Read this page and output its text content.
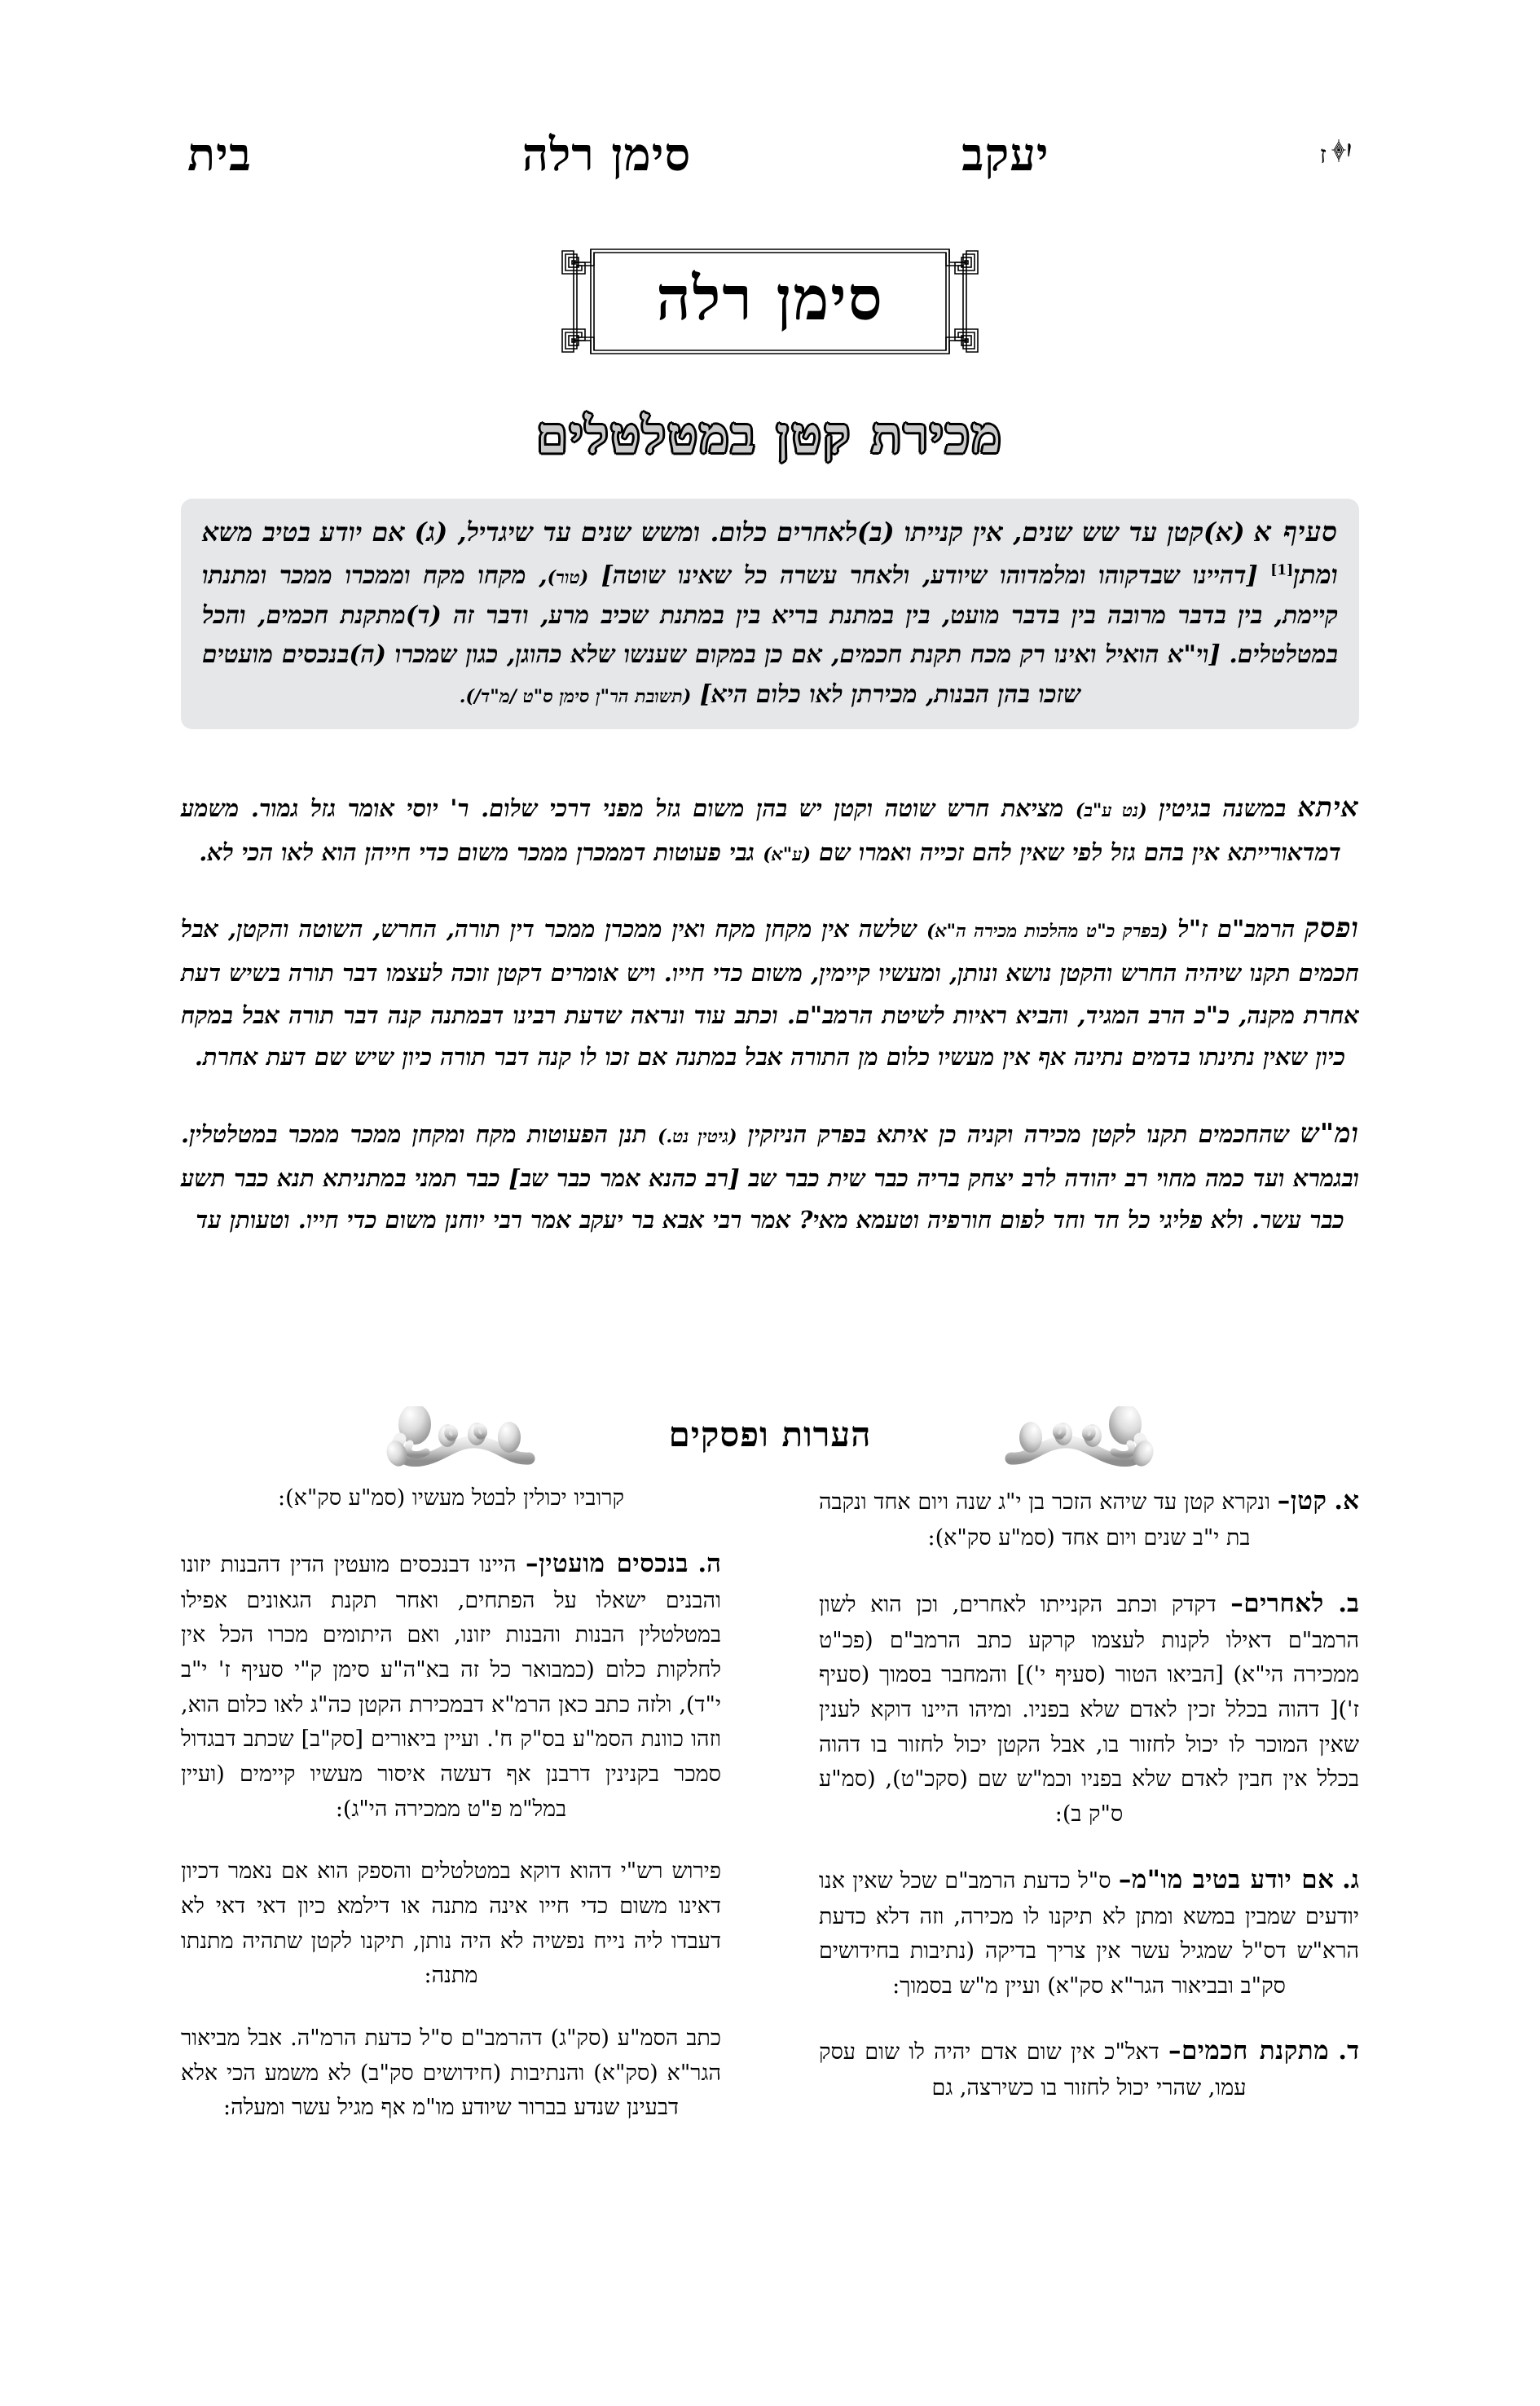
ז
יעקב
סימן רלה
בית
סימן רלה
מכירת קטן במטלטלים
סעיף א (א)קטן עד שש שנים, אין קנייתו (ב)לאחרים כלום. ומשש שנים עד שיגדיל, (ג) אם יודע בטיב משא ומתן[1] [דהיינו שבדקוהו ומלמדוהו שיודע, ולאחר עשרה כל שאינו שוטה] (טור), מקחו מקח וממכרו ממכר ומתנתו קיימת, בין בדבר מרובה בין בדבר מועט, בין במתנת בריא בין במתנת שכיב מרע, ודבר זה (ד)מתקנת חכמים, והכל במטלטלים. [וי"א הואיל ואינו רק מכח תקנת חכמים, אם כן במקום שענשו שלא כהוגן, כגון שמכרו (ה)בנכסים מועטים שזכו בהן הבנות, מכירתן לאו כלום היא] (תשובת הר"ן סימן ס"ט /מ"ד/).

איתא במשנה בגיטין (נט ע"ב) מציאת חרש שוטה וקטן יש בהן משום גזל מפני דרכי שלום. ר' יוסי אומר גזל גמור. משמע דמדאורייתא אין בהם גזל לפי שאין להם זכייה ואמרו שם (ע"א) גבי פעוטות דממכרן ממכר משום כדי חייהן הוא לאו הכי לא.

ופסק הרמב"ם ז"ל (בפרק כ"ט מהלכות מכירה ה"א) שלשה אין מקחן מקח ואין ממכרן ממכר דין תורה, החרש, השוטה והקטן, אבל חכמים תקנו שיהיה החרש והקטן נושא ונותן, ומעשיו קיימין, משום כדי חייו. ויש אומרים דקטן זוכה לעצמו דבר תורה בשיש דעת אחרת מקנה, כ"כ הרב המגיד, והביא ראיות לשיטת הרמב"ם. וכתב עוד ונראה שדעת רבינו דבמתנה קנה דבר תורה אבל במקח כיון שאין נתינתו בדמים נתינה אף אין מעשיו כלום מן התורה אבל במתנה אם זכו לו קנה דבר תורה כיון שיש שם דעת אחרת.

ומ"ש שהחכמים תקנו לקטן מכירה וקניה כן איתא בפרק הניזקין (גיטין נט.) תנן הפעוטות מקח ומקחן ממכר ממכר במטלטלין. ובגמרא ועד כמה מחוי רב יהודה לרב יצחק בריה כבר שית כבר שב [רב כהנא אמר כבר שב] כבר תמני במתניתא תנא כבר תשע כבר עשר. ולא פליגי כל חד וחד לפום חורפיה וטעמא מאי? אמר רבי אבא בר יעקב אמר רבי יוחנן משום כדי חייו. וטעותן עד

הערות ופסקים

א. קטן– ונקרא קטן עד שיהא הזכר בן י"ג שנה ויום אחד ונקבה בת י"ב שנים ויום אחד (סמ"ע סק"א):

ב. לאחרים– דקדק וכתב הקנייתו לאחרים, וכן הוא לשון הרמב"ם דאילו לקנות לעצמו קרקע כתב הרמב"ם (פכ"ט ממכירה הי"א) [הביאו הטור (סעיף י')] והמחבר בסמוך (סעיף ז')[ דהוה בכלל זכין לאדם שלא בפניו. ומיהו היינו דוקא לענין שאין המוכר לו יכול לחזור בו, אבל הקטן יכול לחזור בו דהוה בכלל אין חבין לאדם שלא בפניו וכמ"ש שם (סקכ"ט), (סמ"ע ס"ק ב):

ג. אם יודע בטיב מו"מ– ס"ל כדעת הרמב"ם שכל שאין אנו יודעים שמבין במשא ומתן לא תיקנו לו מכירה, וזה דלא כדעת הרא"ש דס"ל שמגיל עשר אין צריך בדיקה (נתיבות בחידושים סק"ב ובביאור הגר"א סק"א) ועיין מ"ש בסמוך:

ד. מתקנת חכמים– דאל"כ אין שום אדם יהיה לו שום עסק עמו, שהרי יכול לחזור בו כשירצה, גם

קרוביו יכולין לבטל מעשיו (סמ"ע סק"א):

ה. בנכסים מועטין– היינו דבנכסים מועטין הדין דהבנות יזונו והבנים ישאלו על הפתחים, ואחר תקנת הגאונים אפילו במטלטלין הבנות והבנות יזונו, ואם היתומים מכרו הכל אין לחלקות כלום (כמבואר כל זה בא"ה"ע סימן ק"י סעיף ז' י"ב י"ד), ולזה כתב כאן הרמ"א דבמכירת הקטן כה"ג לאו כלום הוא, וזהו כוונת הסמ"ע בס"ק ח'. ועיין ביאורים [סק"ב] שכתב דבגדול סמכר בקנינין דרבנן אף דעשה איסור מעשיו קיימים (ועיין במל"מ פ"ט ממכירה הי"ג):

פירוש רש"י דהוא דוקא במטלטלים והספק הוא אם נאמר דכיון דאינו משום כדי חייו אינה מתנה או דילמא כיון דאי דאי לא דעבדו ליה נייח נפשיה לא היה נותן, תיקנו לקטן שתהיה מתנתו מתנה:

כתב הסמ"ע (סק"ג) דהרמב"ם ס"ל כדעת הרמ"ה. אבל מביאור הגר"א (סק"א) והנתיבות (חידושים סק"ב) לא משמע הכי אלא דבעינן שנדע בברור שיודע מו"מ אף מגיל עשר ומעלה:
